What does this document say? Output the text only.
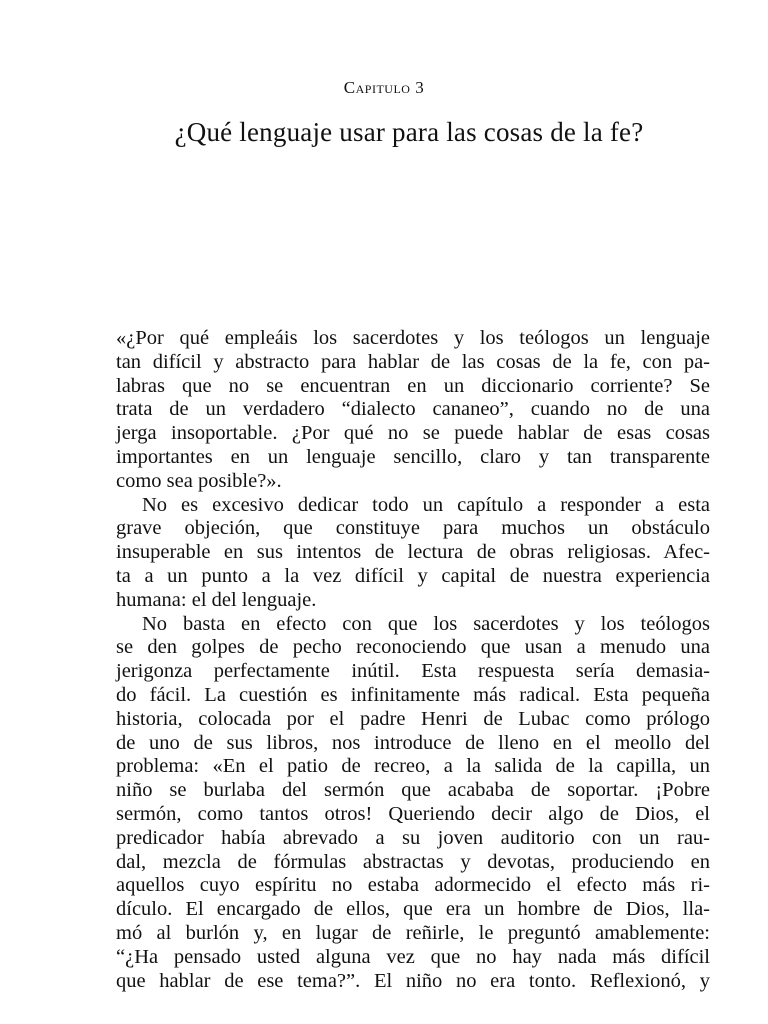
Capitulo 3
¿Qué lenguaje usar para las cosas de la fe?
«¿Por qué empleáis los sacerdotes y los teólogos un lenguaje
tan difícil y abstracto para hablar de las cosas de la fe, con pa-
labras que no se encuentran en un diccionario corriente? Se
trata de un verdadero “dialecto cananeo”, cuando no de una
jerga insoportable. ¿Por qué no se puede hablar de esas cosas
importantes en un lenguaje sencillo, claro y tan transparente
como sea posible?».
No es excesivo dedicar todo un capítulo a responder a esta
grave objeción, que constituye para muchos un obstáculo
insuperable en sus intentos de lectura de obras religiosas. Afec-
ta a un punto a la vez difícil y capital de nuestra experiencia
humana: el del lenguaje.
No basta en efecto con que los sacerdotes y los teólogos
se den golpes de pecho reconociendo que usan a menudo una
jerigonza perfectamente inútil. Esta respuesta sería demasia-
do fácil. La cuestión es infinitamente más radical. Esta pequeña
historia, colocada por el padre Henri de Lubac como prólogo
de uno de sus libros, nos introduce de lleno en el meollo del
problema: «En el patio de recreo, a la salida de la capilla, un
niño se burlaba del sermón que acababa de soportar. ¡Pobre
sermón, como tantos otros! Queriendo decir algo de Dios, el
predicador había abrevado a su joven auditorio con un rau-
dal, mezcla de fórmulas abstractas y devotas, produciendo en
aquellos cuyo espíritu no estaba adormecido el efecto más ri-
dículo. El encargado de ellos, que era un hombre de Dios, lla-
mó al burlón y, en lugar de reñirle, le preguntó amablemente:
“¿Ha pensado usted alguna vez que no hay nada más difícil
que hablar de ese tema?”. El niño no era tonto. Reflexionó, y
